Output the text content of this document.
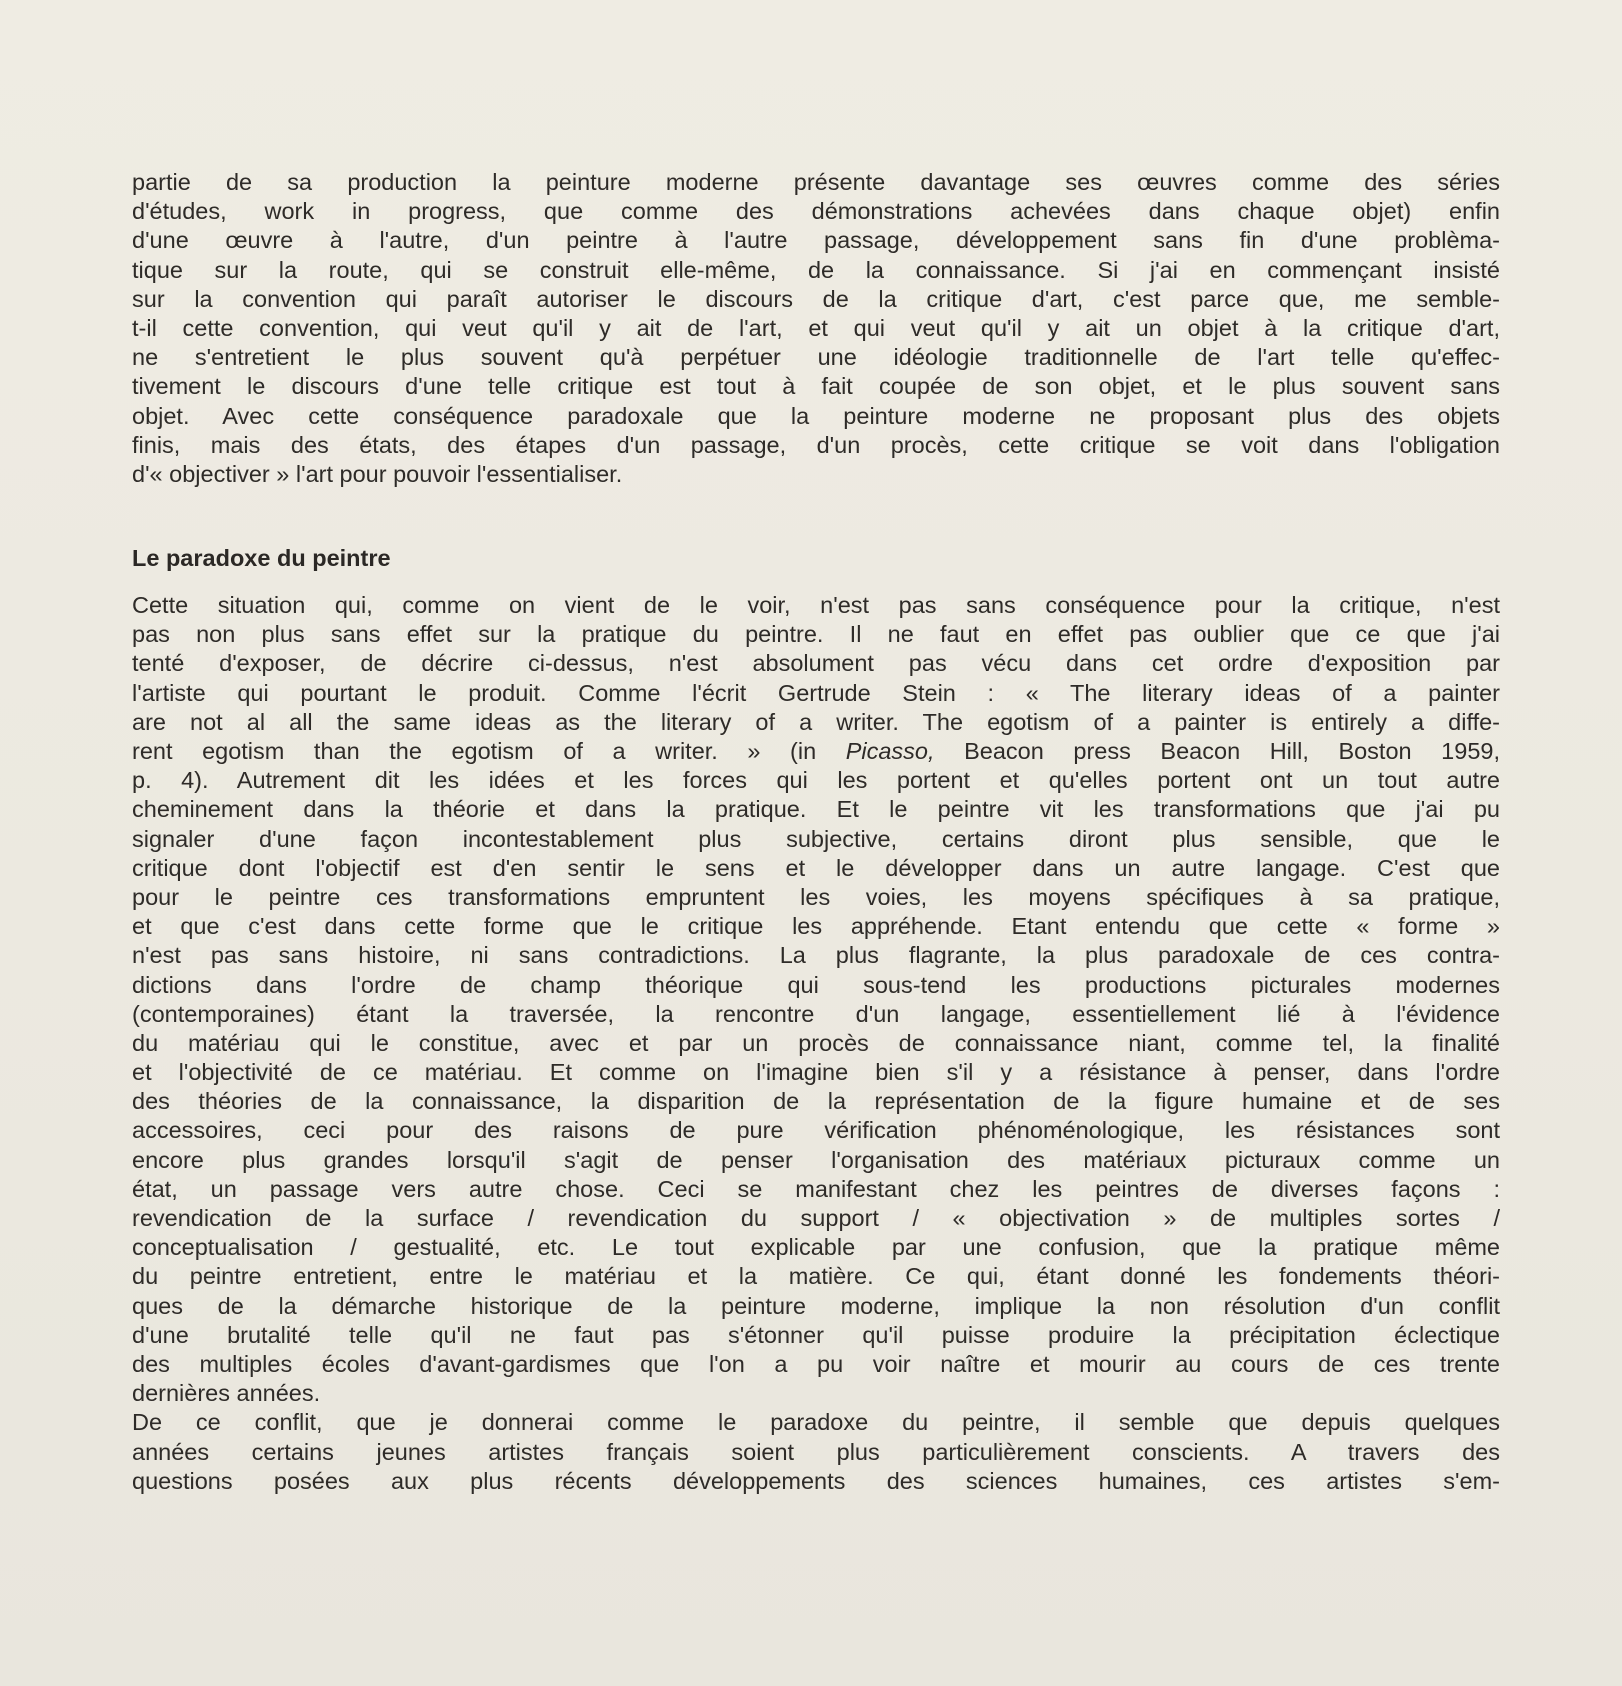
partie de sa production la peinture moderne présente davantage ses œuvres comme des séries
d'études, work in progress, que comme des démonstrations achevées dans chaque objet) enfin
d'une œuvre à l'autre, d'un peintre à l'autre passage, développement sans fin d'une problèma-
tique sur la route, qui se construit elle-même, de la connaissance. Si j'ai en commençant insisté
sur la convention qui paraît autoriser le discours de la critique d'art, c'est parce que, me semble-
t-il cette convention, qui veut qu'il y ait de l'art, et qui veut qu'il y ait un objet à la critique d'art,
ne s'entretient le plus souvent qu'à perpétuer une idéologie traditionnelle de l'art telle qu'effec-
tivement le discours d'une telle critique est tout à fait coupée de son objet, et le plus souvent sans
objet. Avec cette conséquence paradoxale que la peinture moderne ne proposant plus des objets
finis, mais des états, des étapes d'un passage, d'un procès, cette critique se voit dans l'obligation
d'« objectiver » l'art pour pouvoir l'essentialiser.
Le paradoxe du peintre
Cette situation qui, comme on vient de le voir, n'est pas sans conséquence pour la critique, n'est
pas non plus sans effet sur la pratique du peintre. Il ne faut en effet pas oublier que ce que j'ai
tenté d'exposer, de décrire ci-dessus, n'est absolument pas vécu dans cet ordre d'exposition par
l'artiste qui pourtant le produit. Comme l'écrit Gertrude Stein : « The literary ideas of a painter
are not al all the same ideas as the literary of a writer. The egotism of a painter is entirely a diffe-
rent egotism than the egotism of a writer. » (in Picasso, Beacon press Beacon Hill, Boston 1959,
p. 4). Autrement dit les idées et les forces qui les portent et qu'elles portent ont un tout autre
cheminement dans la théorie et dans la pratique. Et le peintre vit les transformations que j'ai pu
signaler d'une façon incontestablement plus subjective, certains diront plus sensible, que le
critique dont l'objectif est d'en sentir le sens et le développer dans un autre langage. C'est que
pour le peintre ces transformations empruntent les voies, les moyens spécifiques à sa pratique,
et que c'est dans cette forme que le critique les appréhende. Etant entendu que cette « forme »
n'est pas sans histoire, ni sans contradictions. La plus flagrante, la plus paradoxale de ces contra-
dictions dans l'ordre de champ théorique qui sous-tend les productions picturales modernes
(contemporaines) étant la traversée, la rencontre d'un langage, essentiellement lié à l'évidence
du matériau qui le constitue, avec et par un procès de connaissance niant, comme tel, la finalité
et l'objectivité de ce matériau. Et comme on l'imagine bien s'il y a résistance à penser, dans l'ordre
des théories de la connaissance, la disparition de la représentation de la figure humaine et de ses
accessoires, ceci pour des raisons de pure vérification phénoménologique, les résistances sont
encore plus grandes lorsqu'il s'agit de penser l'organisation des matériaux picturaux comme un
état, un passage vers autre chose. Ceci se manifestant chez les peintres de diverses façons :
revendication de la surface / revendication du support / « objectivation » de multiples sortes /
conceptualisation / gestualité, etc. Le tout explicable par une confusion, que la pratique même
du peintre entretient, entre le matériau et la matière. Ce qui, étant donné les fondements théori-
ques de la démarche historique de la peinture moderne, implique la non résolution d'un conflit
d'une brutalité telle qu'il ne faut pas s'étonner qu'il puisse produire la précipitation éclectique
des multiples écoles d'avant-gardismes que l'on a pu voir naître et mourir au cours de ces trente
dernières années.
De ce conflit, que je donnerai comme le paradoxe du peintre, il semble que depuis quelques
années certains jeunes artistes français soient plus particulièrement conscients. A travers des
questions posées aux plus récents développements des sciences humaines, ces artistes s'em-
